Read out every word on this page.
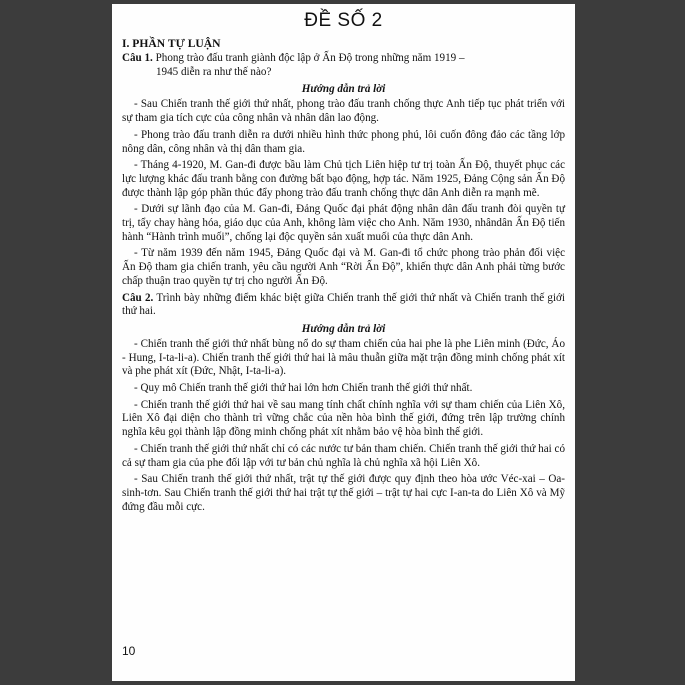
ĐỀ SỐ 2
I. PHẦN TỰ LUẬN
Câu 1. Phong trào đấu tranh giành độc lập ở Ấn Độ trong những năm 1919 –
1945 diễn ra như thế nào?
Hướng dẫn trả lời
- Sau Chiến tranh thế giới thứ nhất, phong trào đấu tranh chống thực Anh tiếp tục phát triển với sự tham gia tích cực của công nhân và nhân dân lao động.
- Phong trào đấu tranh diễn ra dưới nhiều hình thức phong phú, lôi cuốn đông đảo các tầng lớp nông dân, công nhân và thị dân tham gia.
- Tháng 4-1920, M. Gan-đi được bầu làm Chủ tịch Liên hiệp tư trị toàn Ấn Độ, thuyết phục các lực lượng khác đấu tranh bằng con đường bất bạo động, hợp tác. Năm 1925, Đảng Cộng sản Ấn Độ được thành lập góp phần thúc đẩy phong trào đấu tranh chống thực dân Anh diễn ra mạnh mẽ.
- Dưới sự lãnh đạo của M. Gan-đi, Đảng Quốc đại phát động nhân dân đấu tranh đòi quyền tự trị, tẩy chay hàng hóa, giáo dục của Anh, không làm việc cho Anh. Năm 1930, nhândân Ấn Độ tiến hành “Hành trình muối”, chống lại độc quyền sản xuất muối của thực dân Anh.
- Từ năm 1939 đến năm 1945, Đảng Quốc đại và M. Gan-đi tổ chức phong trào phản đối việc Ấn Độ tham gia chiến tranh, yêu cầu người Anh “Rời Ấn Độ”, khiến thực dân Anh phải từng bước chấp thuận trao quyền tự trị cho người Ấn Độ.
Câu 2. Trình bày những điểm khác biệt giữa Chiến tranh thế giới thứ nhất và Chiến tranh thế giới thứ hai.
Hướng dẫn trả lời
- Chiến tranh thế giới thứ nhất bùng nổ do sự tham chiến của hai phe là phe Liên minh (Đức, Áo - Hung, I-ta-li-a). Chiến tranh thế giới thứ hai là mâu thuẫn giữa mặt trận đồng minh chống phát xít và phe phát xít (Đức, Nhật, I-ta-li-a).
- Quy mô Chiến tranh thế giới thứ hai lớn hơn Chiến tranh thế giới thứ nhất.
- Chiến tranh thế giới thứ hai về sau mang tính chất chính nghĩa với sự tham chiến của Liên Xô, Liên Xô đại diện cho thành trì vững chắc của nền hòa bình thế giới, đứng trên lập trường chính nghĩa kêu gọi thành lập đồng minh chống phát xít nhằm bảo vệ hòa bình thế giới.
- Chiến tranh thế giới thứ nhất chỉ có các nước tư bản tham chiến. Chiến tranh thế giới thứ hai có cả sự tham gia của phe đối lập với tư bản chủ nghĩa là chủ nghĩa xã hội Liên Xô.
- Sau Chiến tranh thế giới thứ nhất, trật tự thế giới được quy định theo hòa ước Véc-xai – Oa-sinh-tơn. Sau Chiến tranh thế giới thứ hai trật tự thế giới – trật tự hai cực I-an-ta do Liên Xô và Mỹ đứng đầu mỗi cực.
10
